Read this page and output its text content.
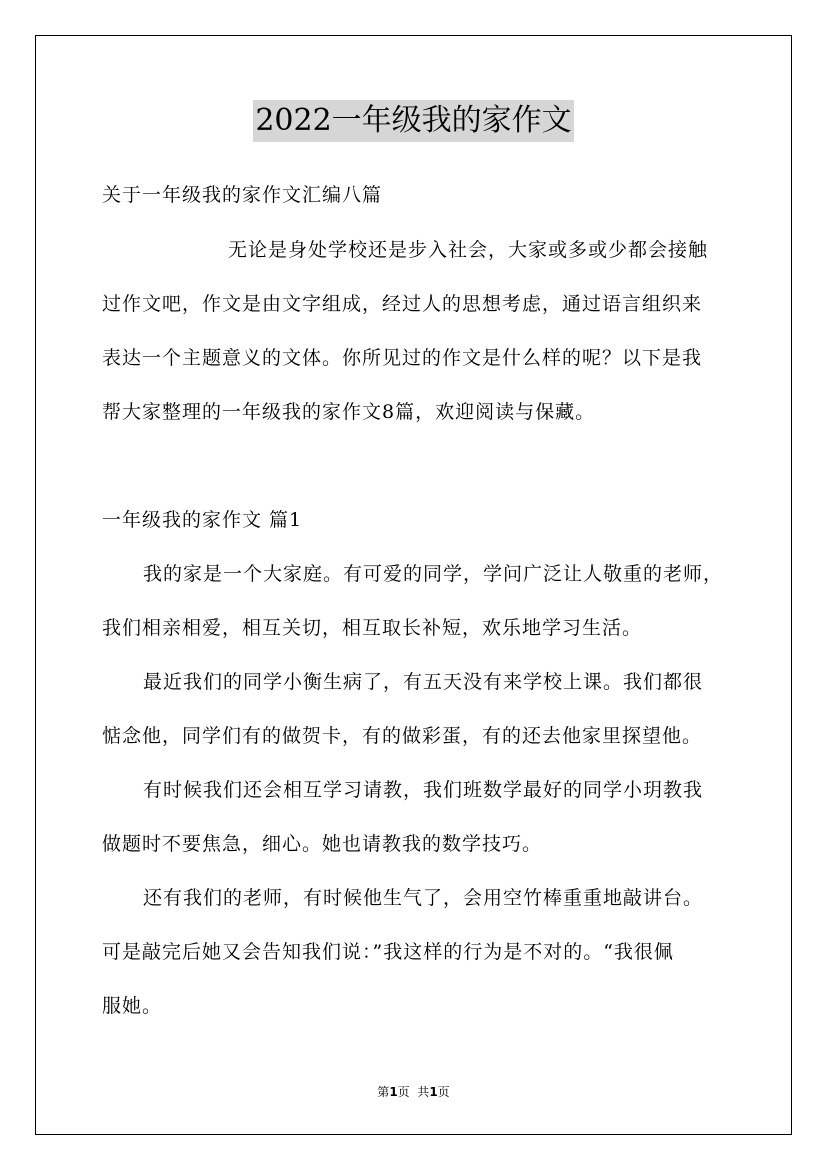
2022一年级我的家作文
关于一年级我的家作文汇编八篇
无论是身处学校还是步入社会，大家或多或少都会接触
过作文吧，作文是由文字组成，经过人的思想考虑，通过语言组织来
表达一个主题意义的文体。你所见过的作文是什么样的呢？以下是我
帮大家整理的一年级我的家作文8篇，欢迎阅读与保藏。
一年级我的家作文 篇1
我的家是一个大家庭。有可爱的同学，学问广泛让人敬重的老师，
我们相亲相爱，相互关切，相互取长补短，欢乐地学习生活。
最近我们的同学小衡生病了，有五天没有来学校上课。我们都很
惦念他，同学们有的做贺卡，有的做彩蛋，有的还去他家里探望他。
有时候我们还会相互学习请教，我们班数学最好的同学小玥教我
做题时不要焦急，细心。她也请教我的数学技巧。
还有我们的老师，有时候他生气了，会用空竹棒重重地敲讲台。
可是敲完后她又会告知我们说：”我这样的行为是不对的。“我很佩
服她。
第1页  共1页
